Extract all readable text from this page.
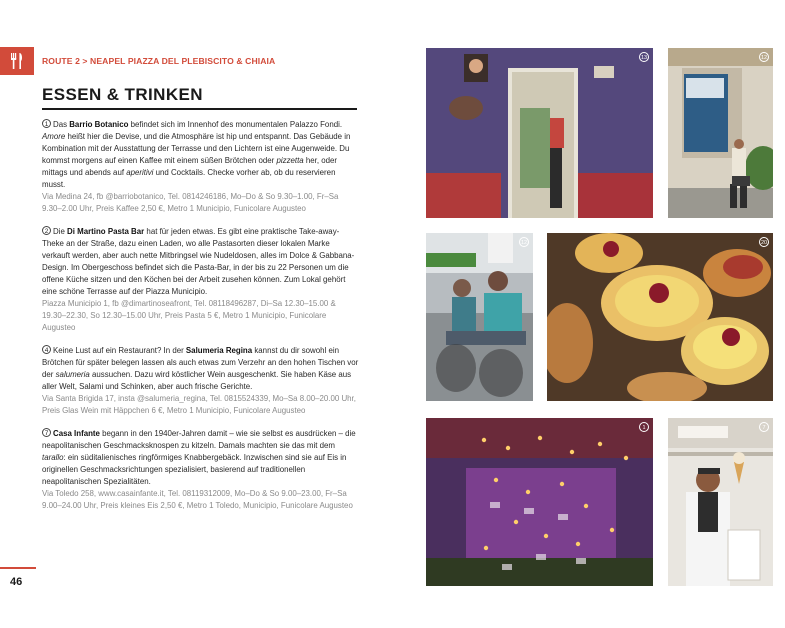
ROUTE 2 > NEAPEL PIAZZA DEL PLEBISCITO & CHIAIA
ESSEN & TRINKEN
1 Das Barrio Botanico befindet sich im Innenhof des monumentalen Palazzo Fondi. Amore heißt hier die Devise, und die Atmosphäre ist hip und entspannt. Das Gebäude in Kombination mit der Ausstattung der Terrasse und den Lichtern ist eine Augenweide. Du kommst morgens auf einen Kaffee mit einem süßen Brötchen oder pizzetta her, oder mittags und abends auf aperitivi und Cocktails. Checke vorher ab, ob du reservieren musst.
Via Medina 24, fb @barriobotanico, Tel. 0814246186, Mo–Do & So 9.30–1.00, Fr–Sa 9.30–2.00 Uhr, Preis Kaffee 2,50 €, Metro 1 Municipio, Funicolare Augusteo
2 Die Di Martino Pasta Bar hat für jeden etwas. Es gibt eine praktische Take-away-Theke an der Straße, dazu einen Laden, wo alle Pastasorten dieser lokalen Marke verkauft werden, aber auch nette Mitbringsel wie Nudeldosen, alles im Dolce & Gabbana-Design. Im Obergeschoss befindet sich die Pasta-Bar, in der bis zu 22 Personen um die offene Küche sitzen und den Köchen bei der Arbeit zusehen können. Zum Lokal gehört eine schöne Terrasse auf der Piazza Municipio.
Piazza Municipio 1, fb @dimartinoseafront, Tel. 08118496287, Di–Sa 12.30–15.00 & 19.30–22.30, So 12.30–15.00 Uhr, Preis Pasta 5 €, Metro 1 Municipio, Funicolare Augusteo
4 Keine Lust auf ein Restaurant? In der Salumeria Regina kannst du dir sowohl ein Brötchen für später belegen lassen als auch etwas zum Verzehr an den hohen Tischen vor der salumeria aussuchen. Dazu wird köstlicher Wein ausgeschenkt. Sie haben Käse aus aller Welt, Salami und Schinken, aber auch frische Gerichte.
Via Santa Brigida 17, insta @salumeria_regina, Tel. 0815524339, Mo–Sa 8.00–20.00 Uhr, Preis Glas Wein mit Häppchen 6 €, Metro 1 Municipio, Funicolare Augusteo
7 Casa Infante begann in den 1940er-Jahren damit – wie sie selbst es ausdrücken – die neapolitanischen Geschmacksknospen zu kitzeln. Damals machten sie das mit dem tarallo: ein süditalienisches ringförmiges Knabbergebäck. Inzwischen sind sie auf Eis in originellen Geschmacksrichtungen spezialisiert, basierend auf traditionellen neapolitanischen Spezialitäten.
Via Toledo 258, www.casainfante.it, Tel. 08119312009, Mo–Do & So 9.00–23.00, Fr–Sa 9.00–24.00 Uhr, Preis kleines Eis 2,50 €, Metro 1 Toledo, Municipio, Funicolare Augusteo
46
13	12
12	20
1	7
